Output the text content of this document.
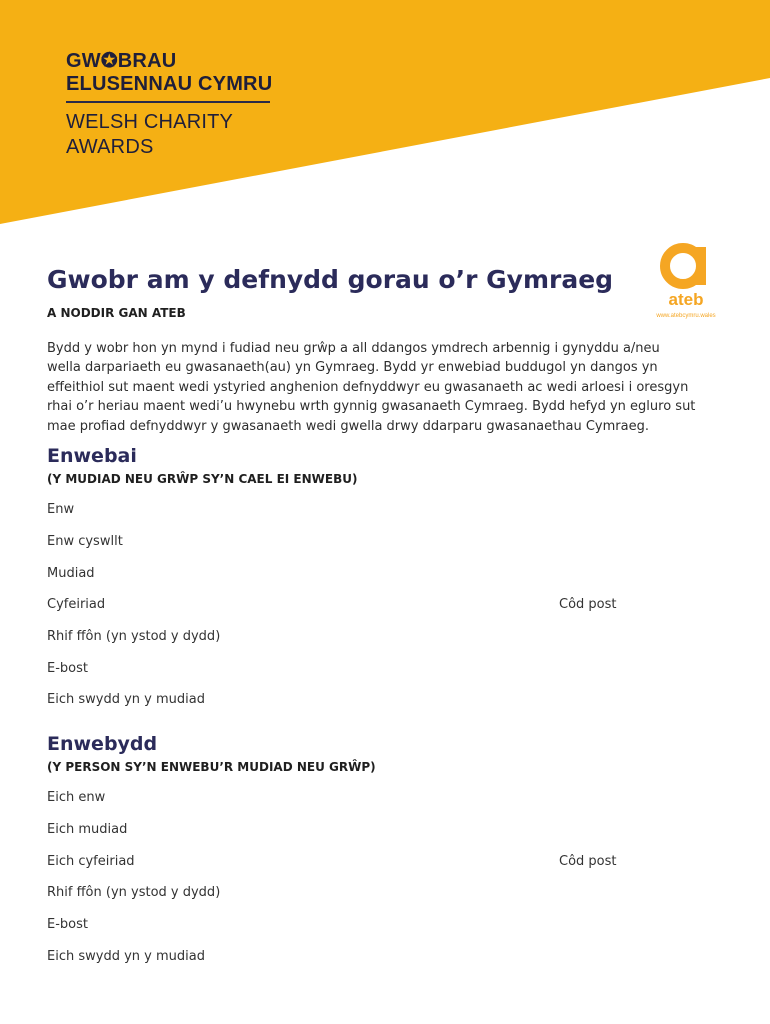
GW✪BRAU
ELUSENNAU CYMRU
WELSH CHARITY
AWARDS
ateb
www.atebcymru.wales
Gwobr am y defnydd gorau o’r Gymraeg
A NODDIR GAN ATEB

Bydd y wobr hon yn mynd i fudiad neu grŵp a all ddangos ymdrech arbennig i gynyddu a/neu
wella darpariaeth eu gwasanaeth(au) yn Gymraeg. Bydd yr enwebiad buddugol yn dangos yn
effeithiol sut maent wedi ystyried anghenion defnyddwyr eu gwasanaeth ac wedi arloesi i oresgyn
rhai o’r heriau maent wedi’u hwynebu wrth gynnig gwasanaeth Cymraeg. Bydd hefyd yn egluro sut
mae profiad defnyddwyr y gwasanaeth wedi gwella drwy ddarparu gwasanaethau Cymraeg.

Enwebai
(Y MUDIAD NEU GRŴP SY’N CAEL EI ENWEBU)
Enw
Enw cyswllt
Mudiad
Cyfeiriad	Côd post
Rhif ffôn (yn ystod y dydd)
E-bost
Eich swydd yn y mudiad
Enwebydd
(Y PERSON SY’N ENWEBU’R MUDIAD NEU GRŴP)
Eich enw
Eich mudiad
Eich cyfeiriad	Côd post
Rhif ffôn (yn ystod y dydd)
E-bost
Eich swydd yn y mudiad
